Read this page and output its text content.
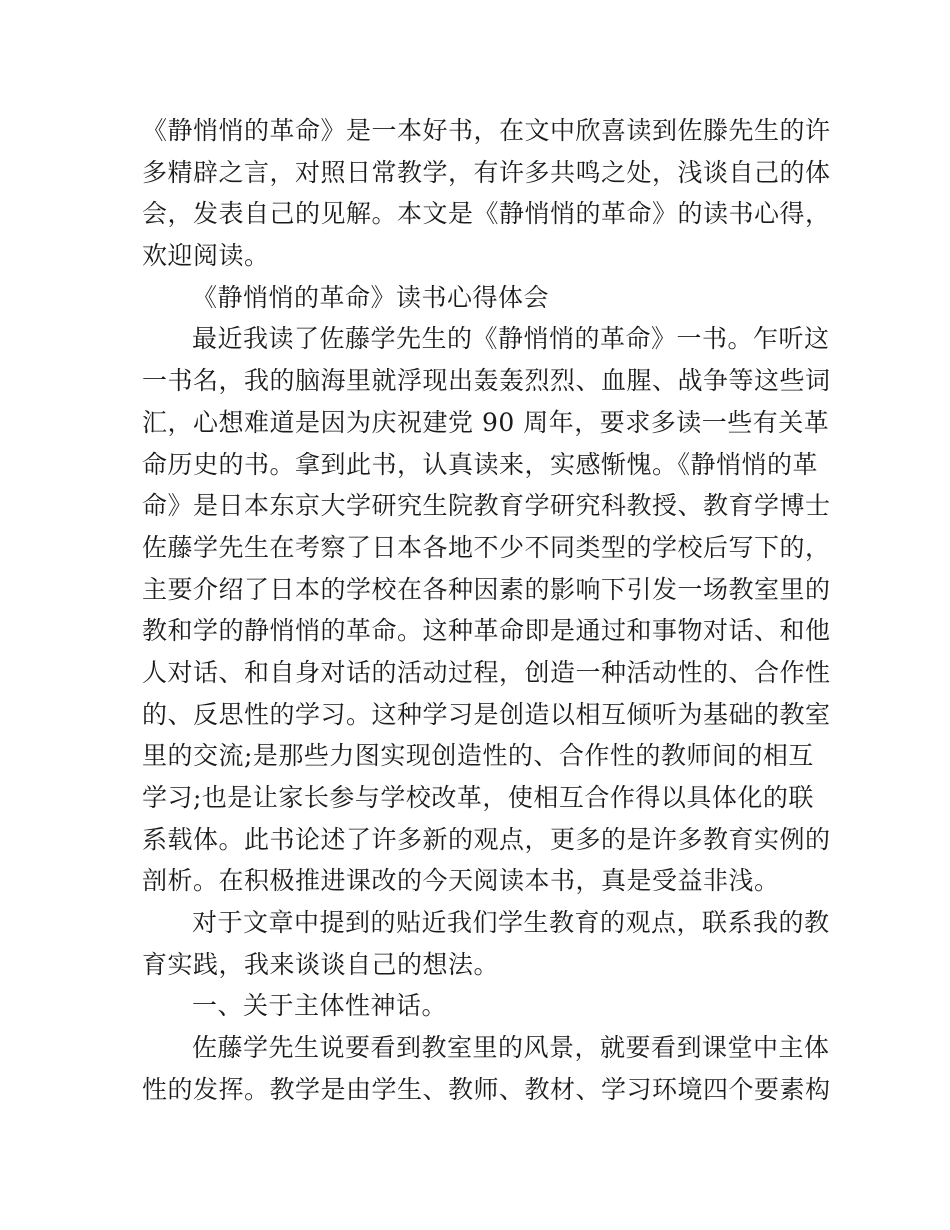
《静悄悄的革命》是一本好书，在文中欣喜读到佐滕先生的许
多精辟之言，对照日常教学，有许多共鸣之处，浅谈自己的体
会，发表自己的见解。本文是《静悄悄的革命》的读书心得，
欢迎阅读。
《静悄悄的革命》读书心得体会
最近我读了佐藤学先生的《静悄悄的革命》一书。乍听这
一书名，我的脑海里就浮现出轰轰烈烈、血腥、战争等这些词
汇，心想难道是因为庆祝建党 90 周年，要求多读一些有关革
命历史的书。拿到此书，认真读来，实感惭愧。《静悄悄的革
命》是日本东京大学研究生院教育学研究科教授、教育学博士
佐藤学先生在考察了日本各地不少不同类型的学校后写下的，
主要介绍了日本的学校在各种因素的影响下引发一场教室里的
教和学的静悄悄的革命。这种革命即是通过和事物对话、和他
人对话、和自身对话的活动过程，创造一种活动性的、合作性
的、反思性的学习。这种学习是创造以相互倾听为基础的教室
里的交流;是那些力图实现创造性的、合作性的教师间的相互
学习;也是让家长参与学校改革，使相互合作得以具体化的联
系载体。此书论述了许多新的观点，更多的是许多教育实例的
剖析。在积极推进课改的今天阅读本书，真是受益非浅。
对于文章中提到的贴近我们学生教育的观点，联系我的教
育实践，我来谈谈自己的想法。
一、关于主体性神话。
佐藤学先生说要看到教室里的风景，就要看到课堂中主体
性的发挥。教学是由学生、教师、教材、学习环境四个要素构
